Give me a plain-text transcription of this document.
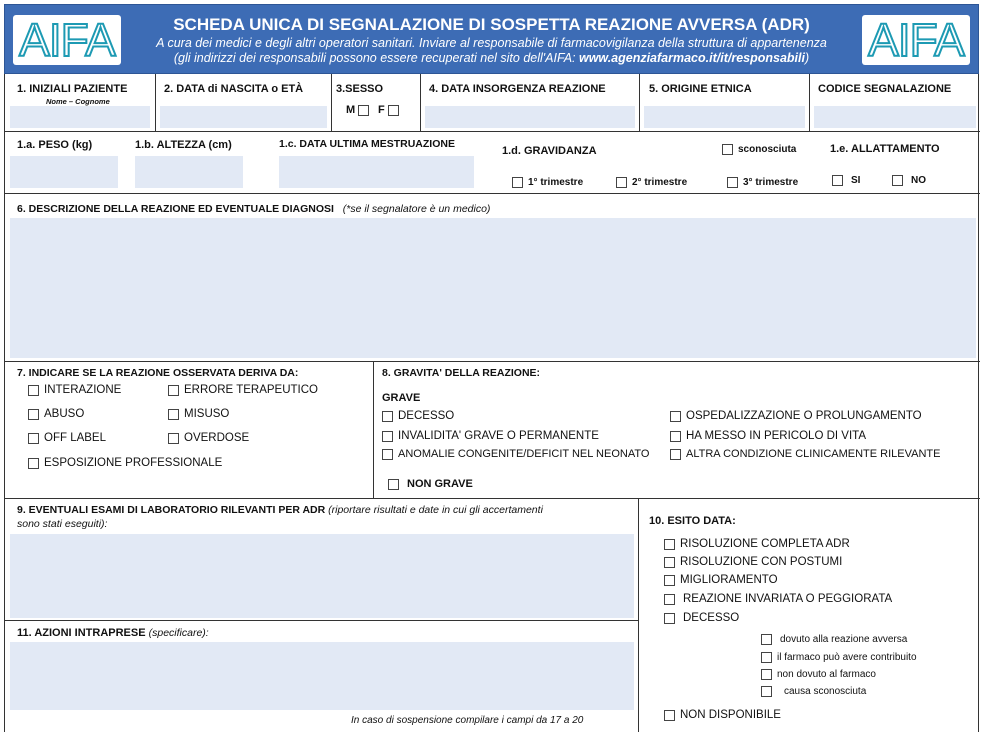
AIFA	SCHEDA UNICA DI SEGNALAZIONE DI SOSPETTA REAZIONE AVVERSA (ADR)
A cura dei medici e degli altri operatori sanitari. Inviare al responsabile di farmacovigilanza della struttura di appartenenza
(gli indirizzi dei responsabili possono essere recuperati nel sito dell'AIFA: www.agenziafarmaco.it/it/responsabili)	AIFA
1. INIZIALI PAZIENTE
Nome – Cognome
2. DATA di NASCITA o ETÀ	3.SESSO
M F
4. DATA INSORGENZA REAZIONE	5. ORIGINE ETNICA	CODICE SEGNALAZIONE
1.a. PESO (kg)	1.b. ALTEZZA (cm)	1.c. DATA ULTIMA MESTRUAZIONE
1.d. GRAVIDANZA	sconosciuta
1° trimestre	2° trimestre	3° trimestre
1.e. ALLATTAMENTO
SI	NO
6. DESCRIZIONE DELLA REAZIONE ED EVENTUALE DIAGNOSI (*se il segnalatore è un medico)
7. INDICARE SE LA REAZIONE OSSERVATA DERIVA DA:
INTERAZIONE	ERRORE TERAPEUTICO
ABUSO	MISUSO
OFF LABEL	OVERDOSE
ESPOSIZIONE PROFESSIONALE
8. GRAVITA' DELLA REAZIONE:
GRAVE
DECESSO	OSPEDALIZZAZIONE O PROLUNGAMENTO
INVALIDITA' GRAVE O PERMANENTE	HA MESSO IN PERICOLO DI VITA
ANOMALIE CONGENITE/DEFICIT NEL NEONATO	ALTRA CONDIZIONE CLINICAMENTE RILEVANTE
NON GRAVE
9. EVENTUALI ESAMI DI LABORATORIO RILEVANTI PER ADR (riportare risultati e date in cui gli accertamenti
sono stati eseguiti):
11. AZIONI INTRAPRESE (specificare):
In caso di sospensione compilare i campi da 17 a 20
10. ESITO DATA:
RISOLUZIONE COMPLETA ADR
RISOLUZIONE CON POSTUMI
MIGLIORAMENTO
REAZIONE INVARIATA O PEGGIORATA
DECESSO
dovuto alla reazione avversa
il farmaco può avere contribuito
non dovuto al farmaco
causa sconosciuta
NON DISPONIBILE
